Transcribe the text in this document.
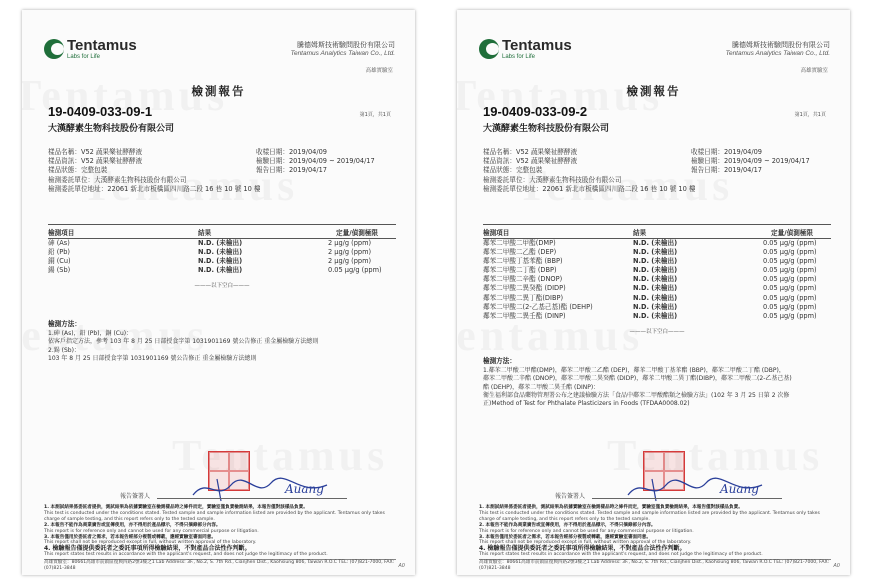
Tentamus
Labs for Life
騰德姆斯技術驗問股份有限公司
Tentamus Analytics Taiwan Co., Ltd.
高雄實驗室
檢測報告
19-0409-033-09-1	第1頁，共1頁
大漢酵素生物科技股份有限公司
樣品名稱：V52 蔬果樂祉酵酵液	收樣日期：2019/04/09
樣品資訊：V52 蔬果樂祉酵酵液	檢驗日期：2019/04/09 ~ 2019/04/17
樣品狀態：完整包裝	報告日期：2019/04/17
檢測委託單位：大漢酵素生物科技股份有限公司
檢測委託單位地址：22061 新北市板橋區四川路二段 16 巷 10 號 10 樓
檢測項目	結果	定量/偵測極限
砷 (As)	N.D. (未檢出)	2 μg/g (ppm)
鉛 (Pb)	N.D. (未檢出)	2 μg/g (ppm)
銅 (Cu)	N.D. (未檢出)	2 μg/g (ppm)
錫 (Sb)	N.D. (未檢出)	0.05 μg/g (ppm)
———以下空白———
檢測方法：
1.砷 (As)，鉛 (Pb)，銅 (Cu)：
依客戶指定方法，參考 103 年 8 月 25 日部授食字第 1031901169 號公告修正 重金屬檢驗方法總則
2.錫 (Sb)：
103 年 8 月 25 日部授食字第 1031901169 號公告修正 重金屬檢驗方法總則
Auang
報告簽署人
1. 本測試結果係委託者提供，測試結果為依據實驗室在檢測樣品時之條件而定，實驗室僅負責檢測結果，本報告僅對該樣品負責。
This test is conducted under the conditions stated. Tested sample and sample information listed are provided by the applicant. Tentamus only takes charge of sample testing, and this report refers only to the tested sample.
2. 本報告不能作為商業廣告或宣傳使用，亦不得用於產品標示，不得只摘錄部分內容。
This report is for reference only and cannot be used for any commercial purpose or litigation.
3. 本報告僅用於委託者之需求，若本報告經部分複製或轉載，應經實驗室書面同意。
This report shall not be reproduced except in full, without written approval of the laboratory.
4. 檢驗報告僅提供委託者之委託事項所得檢驗結果，不對產品合法性作判斷。
This report states test results in accordance with the applicant's request, and does not judge the legitimacy of the product.
高雄實驗室：80661高雄市前鎮區復興四路2號3樓之1 Lab Address: 3F., No.2, S. 7th Rd., Cianjhen Dist., Kaohsiung 806, Taiwan R.O.C TEL: (07)821-7000, FAX: (07)821-3848	A0
Tentamus
Labs for Life
騰德姆斯技術驗問股份有限公司
Tentamus Analytics Taiwan Co., Ltd.
高雄實驗室
檢測報告
19-0409-033-09-2	第1頁，共1頁
大漢酵素生物科技股份有限公司
樣品名稱：V52 蔬果樂祉酵酵液	收樣日期：2019/04/09
樣品資訊：V52 蔬果樂祉酵酵液	檢驗日期：2019/04/09 ~ 2019/04/17
樣品狀態：完整包裝	報告日期：2019/04/17
檢測委託單位：大漢酵素生物科技股份有限公司
檢測委託單位地址：22061 新北市板橋區四川路二段 16 巷 10 號 10 樓
檢測項目	結果	定量/偵測極限
鄰苯二甲酸二甲酯(DMP)	N.D. (未檢出)	0.05 μg/g (ppm)
鄰苯二甲酸二乙酯 (DEP)	N.D. (未檢出)	0.05 μg/g (ppm)
鄰苯二甲酸丁基苯酯 (BBP)	N.D. (未檢出)	0.05 μg/g (ppm)
鄰苯二甲酸二丁酯 (DBP)	N.D. (未檢出)	0.05 μg/g (ppm)
鄰苯二甲酸二辛酯 (DNOP)	N.D. (未檢出)	0.05 μg/g (ppm)
鄰苯二甲酸二異癸酯 (DIDP)	N.D. (未檢出)	0.05 μg/g (ppm)
鄰苯二甲酸二異丁酯(DIBP)	N.D. (未檢出)	0.05 μg/g (ppm)
鄰苯二甲酸二(2-乙基己基)酯 (DEHP)	N.D. (未檢出)	0.05 μg/g (ppm)
鄰苯二甲酸二異壬酯 (DINP)	N.D. (未檢出)	0.05 μg/g (ppm)
———以下空白———
檢測方法：
1.鄰苯二甲酸二甲酯(DMP)，鄰苯二甲酸二乙酯 (DEP)，鄰苯二甲酸丁基苯酯 (BBP)，鄰苯二甲酸二丁酯 (DBP)，
鄰苯二甲酸二辛酯 (DNOP)，鄰苯二甲酸二異癸酯 (DIDP)，鄰苯二甲酸二異丁酯(DIBP)，鄰苯二甲酸二(2-乙基己基)
酯 (DEHP)，鄰苯二甲酸二異壬酯 (DINP)：
衛生福利部食品藥物管理署公布之建議檢驗方法「食品中鄰苯二甲酸酯類之檢驗方法」(102 年 3 月 25 日第 2 次修
正)Method of Test for Phthalate Plasticizers in Foods (TFDAA0008.02)
Auang
報告簽署人
1. 本測試結果係委託者提供，測試結果為依據實驗室在檢測樣品時之條件而定，實驗室僅負責檢測結果，本報告僅對該樣品負責。
This test is conducted under the conditions stated. Tested sample and sample information listed are provided by the applicant. Tentamus only takes charge of sample testing, and this report refers only to the tested sample.
2. 本報告不能作為商業廣告或宣傳使用，亦不得用於產品標示，不得只摘錄部分內容。
This report is for reference only and cannot be used for any commercial purpose or litigation.
3. 本報告僅用於委託者之需求，若本報告經部分複製或轉載，應經實驗室書面同意。
This report shall not be reproduced except in full, without written approval of the laboratory.
4. 檢驗報告僅提供委託者之委託事項所得檢驗結果，不對產品合法性作判斷。
This report states test results in accordance with the applicant's request, and does not judge the legitimacy of the product.
高雄實驗室：80661高雄市前鎮區復興四路2號3樓之1 Lab Address: 3F., No.2, S. 7th Rd., Cianjhen Dist., Kaohsiung 806, Taiwan R.O.C TEL: (07)821-7000, FAX: (07)821-3848	A0
